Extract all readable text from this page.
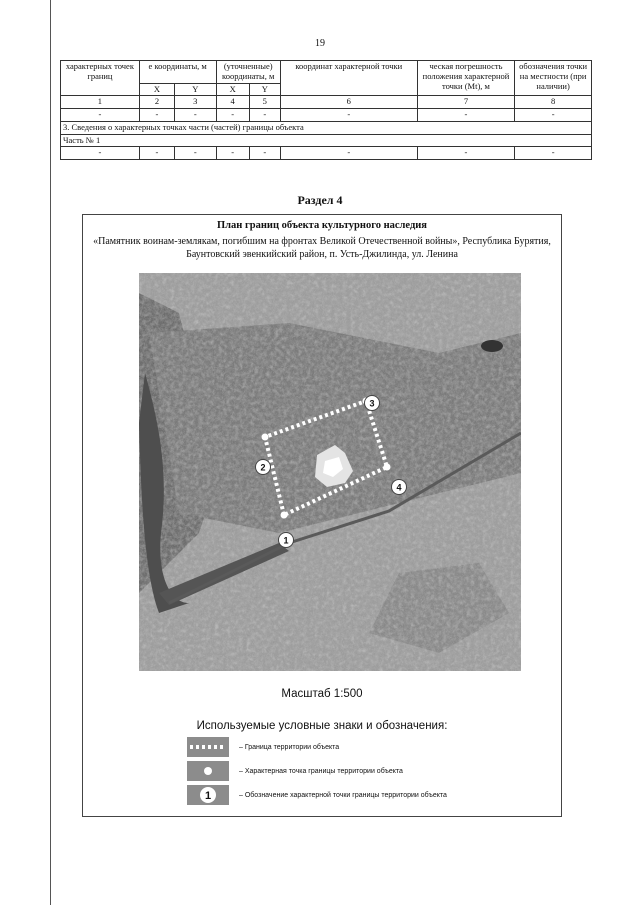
19
характерных точек границ	е координаты, м		(уточненные) координаты, м		координат характерной точки	ческая погрешность положения характерной точки (Mt), м	обозначения точки на местности (при наличии)
	X	Y	X	Y			
1	2	3	4	5	6	7	8
-	-	-	-	-	-	-	-
3. Сведения о характерных точках части (частей) границы объекта							
Часть № 1							
-	-	-	-	-	-	-	-
Раздел 4
План границ объекта культурного наследия
«Памятник воинам-землякам, погибшим на фронтах Великой Отечественной войны», Республика Бурятия, Баунтовский эвенкийский район, п. Усть-Джилинда, ул. Ленина
1
2
3
4
Масштаб 1:500
Используемые условные знаки и обозначения:
– Граница территории объекта
– Характерная точка границы территории объекта
1	– Обозначение характерной точки границы территории объекта
